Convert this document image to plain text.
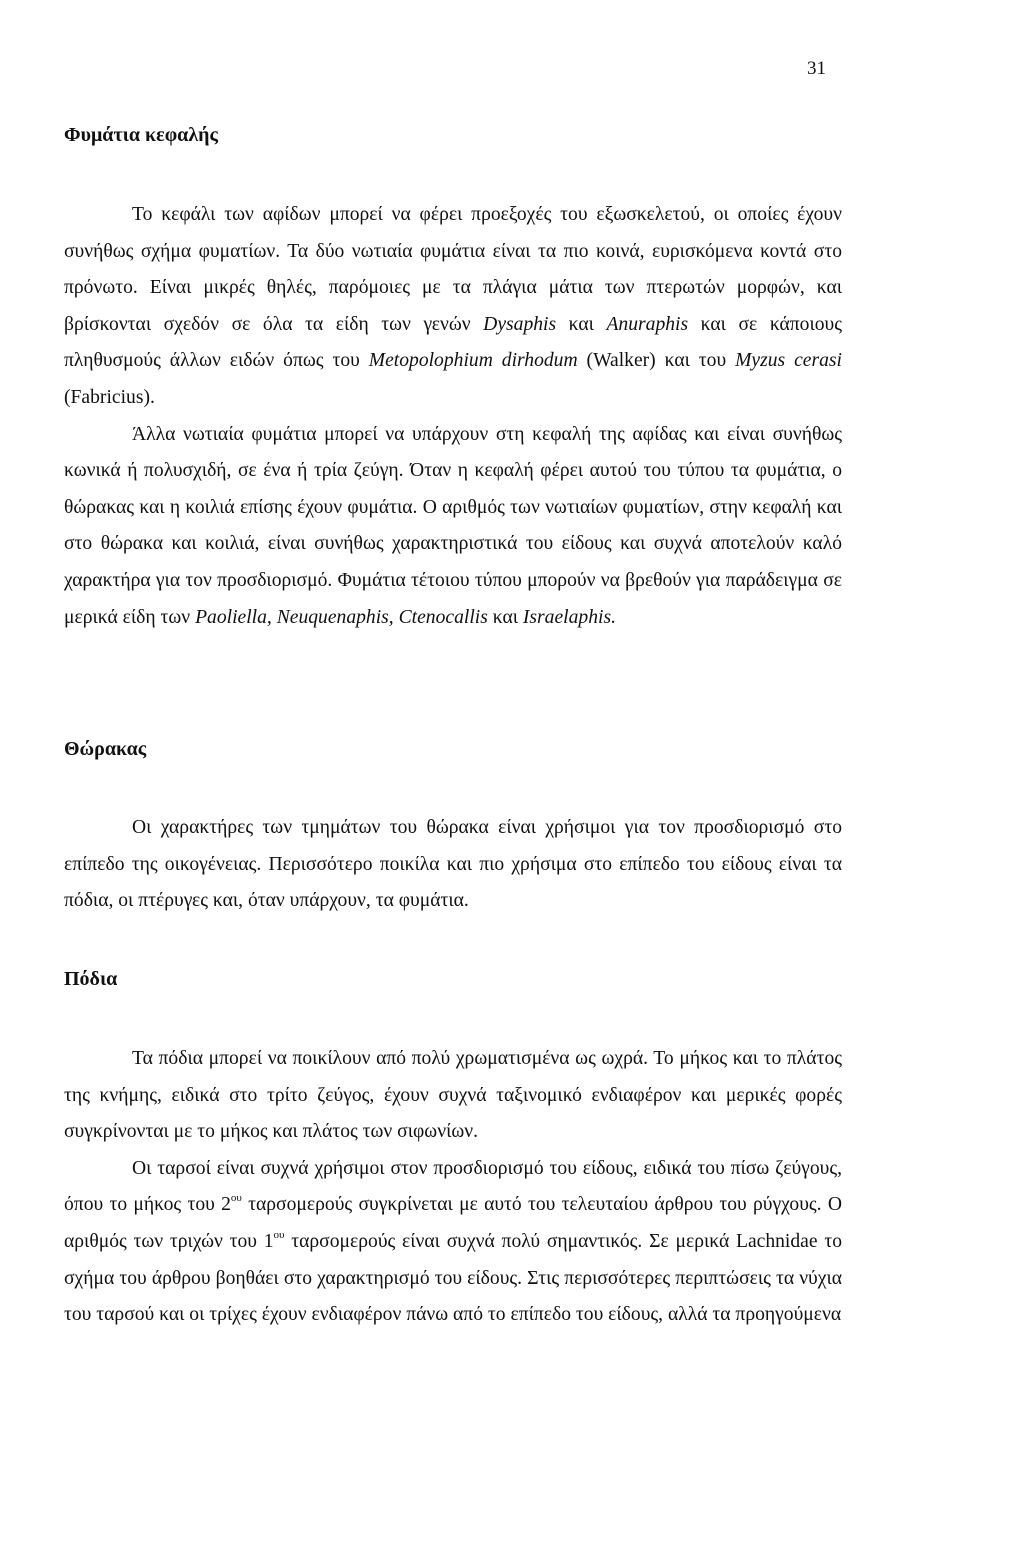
31
Φυμάτια κεφαλής

Το κεφάλι των αφίδων μπορεί να φέρει προεξοχές του εξωσκελετού, οι οποίες έχουν συνήθως σχήμα φυματίων. Τα δύο νωτιαία φυμάτια είναι τα πιο κοινά, ευρισκόμενα κοντά στο πρόνωτο. Είναι μικρές θηλές, παρόμοιες με τα πλάγια μάτια των πτερωτών μορφών, και βρίσκονται σχεδόν σε όλα τα είδη των γενών Dysaphis και Anuraphis και σε κάποιους πληθυσμούς άλλων ειδών όπως του Metopolophium dirhodum (Walker) και του Myzus cerasi (Fabricius).

Άλλα νωτιαία φυμάτια μπορεί να υπάρχουν στη κεφαλή της αφίδας και είναι συνήθως κωνικά ή πολυσχιδή, σε ένα ή τρία ζεύγη. Όταν η κεφαλή φέρει αυτού του τύπου τα φυμάτια, ο θώρακας και η κοιλιά επίσης έχουν φυμάτια. Ο αριθμός των νωτιαίων φυματίων, στην κεφαλή και στο θώρακα και κοιλιά, είναι συνήθως χαρακτηριστικά του είδους και συχνά αποτελούν καλό χαρακτήρα για τον προσδιορισμό. Φυμάτια τέτοιου τύπου μπορούν να βρεθούν για παράδειγμα σε μερικά είδη των Paoliella, Neuquenaphis, Ctenocallis και Israelaphis.

Θώρακας

Οι χαρακτήρες των τμημάτων του θώρακα είναι χρήσιμοι για τον προσδιορισμό στο επίπεδο της οικογένειας. Περισσότερο ποικίλα και πιο χρήσιμα στο επίπεδο του είδους είναι τα πόδια, οι πτέρυγες και, όταν υπάρχουν, τα φυμάτια.

Πόδια

Τα πόδια μπορεί να ποικίλουν από πολύ χρωματισμένα ως ωχρά. Το μήκος και το πλάτος της κνήμης, ειδικά στο τρίτο ζεύγος, έχουν συχνά ταξινομικό ενδιαφέρον και μερικές φορές συγκρίνονται με το μήκος και πλάτος των σιφωνίων.

Οι ταρσοί είναι συχνά χρήσιμοι στον προσδιορισμό του είδους, ειδικά του πίσω ζεύγους, όπου το μήκος του $2^{o\upsilon}$ ταρσομερούς συγκρίνεται με αυτό του τελευταίου άρθρου του ρύγχους. Ο αριθμός των τριχών του $1^{o\upsilon}$ ταρσομερούς είναι συχνά πολύ σημαντικός. Σε μερικά Lachnidae το σχήμα του άρθρου βοηθάει στο χαρακτηρισμό του είδους. Στις περισσότερες περιπτώσεις τα νύχια του ταρσού και οι τρίχες έχουν ενδιαφέρον πάνω από το επίπεδο του είδους, αλλά τα προηγούμενα
